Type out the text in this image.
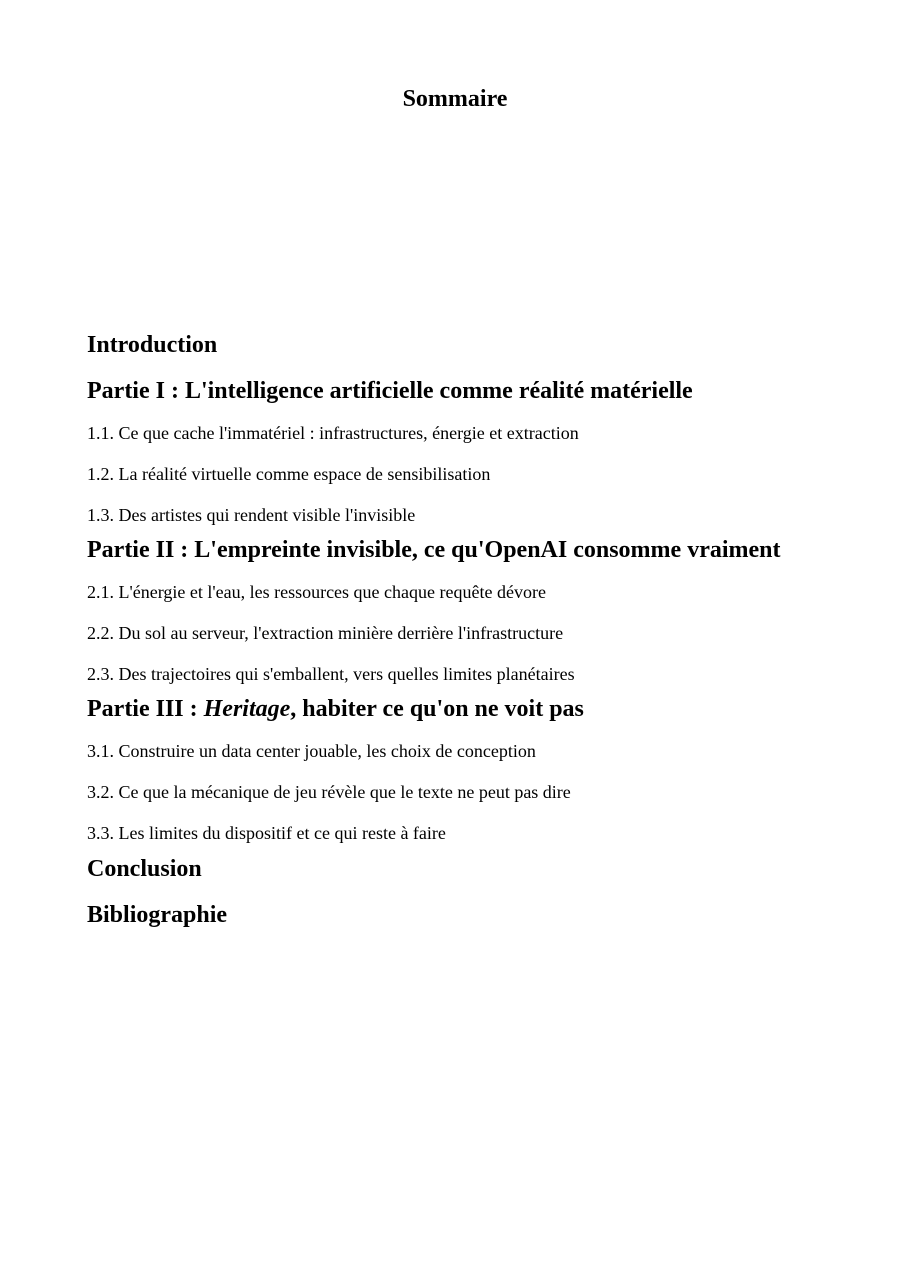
Sommaire
Introduction
Partie I : L'intelligence artificielle comme réalité matérielle
1.1. Ce que cache l'immatériel : infrastructures, énergie et extraction
1.2. La réalité virtuelle comme espace de sensibilisation
1.3. Des artistes qui rendent visible l'invisible
Partie II : L'empreinte invisible, ce qu'OpenAI consomme vraiment
2.1. L'énergie et l'eau, les ressources que chaque requête dévore
2.2. Du sol au serveur, l'extraction minière derrière l'infrastructure
2.3. Des trajectoires qui s'emballent, vers quelles limites planétaires
Partie III : Heritage, habiter ce qu'on ne voit pas
3.1. Construire un data center jouable, les choix de conception
3.2. Ce que la mécanique de jeu révèle que le texte ne peut pas dire
3.3. Les limites du dispositif et ce qui reste à faire
Conclusion
Bibliographie
